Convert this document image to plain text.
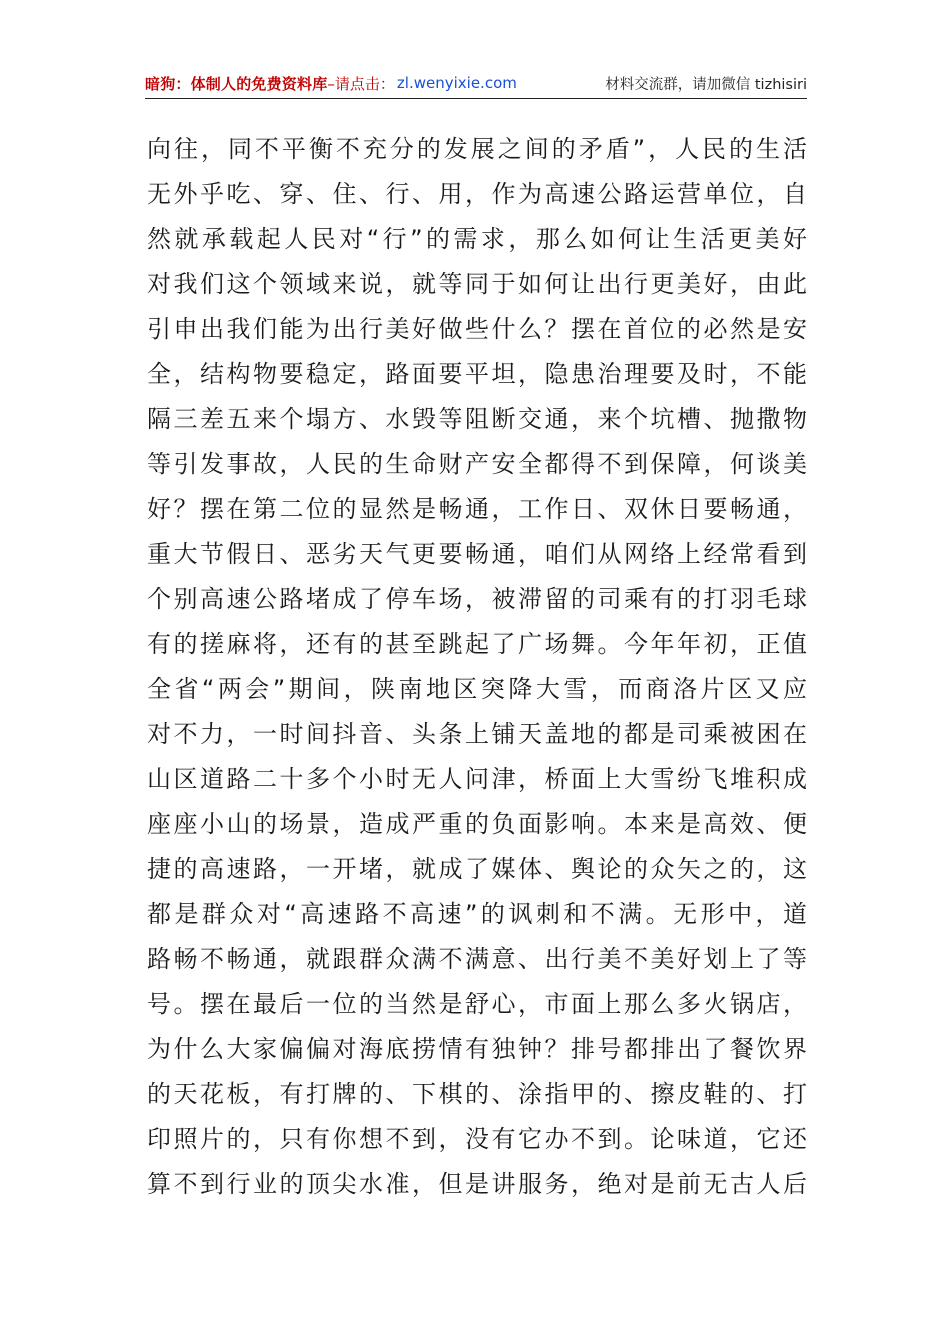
暗狗：体制人的免费资料库 –请点击： zl.wenyixie.com	材料交流群，请加微信 tizhisiri
向往，同不平衡不充分的发展之间的矛盾”，人民的生活
无外乎吃、穿、住、行、用，作为高速公路运营单位，自
然就承载起人民对“行”的需求，那么如何让生活更美好
对我们这个领域来说，就等同于如何让出行更美好，由此
引申出我们能为出行美好做些什么？摆在首位的必然是安
全，结构物要稳定，路面要平坦，隐患治理要及时，不能
隔三差五来个塌方、水毁等阻断交通，来个坑槽、抛撒物
等引发事故，人民的生命财产安全都得不到保障，何谈美
好？摆在第二位的显然是畅通，工作日、双休日要畅通，
重大节假日、恶劣天气更要畅通，咱们从网络上经常看到
个别高速公路堵成了停车场，被滞留的司乘有的打羽毛球
有的搓麻将，还有的甚至跳起了广场舞。今年年初，正值
全省“两会”期间，陕南地区突降大雪，而商洛片区又应
对不力，一时间抖音、头条上铺天盖地的都是司乘被困在
山区道路二十多个小时无人问津，桥面上大雪纷飞堆积成
座座小山的场景，造成严重的负面影响。本来是高效、便
捷的高速路，一开堵，就成了媒体、舆论的众矢之的，这
都是群众对“高速路不高速”的讽刺和不满。无形中，道
路畅不畅通，就跟群众满不满意、出行美不美好划上了等
号。摆在最后一位的当然是舒心，市面上那么多火锅店，
为什么大家偏偏对海底捞情有独钟？排号都排出了餐饮界
的天花板，有打牌的、下棋的、涂指甲的、擦皮鞋的、打
印照片的，只有你想不到，没有它办不到。论味道，它还
算不到行业的顶尖水准，但是讲服务，绝对是前无古人后
